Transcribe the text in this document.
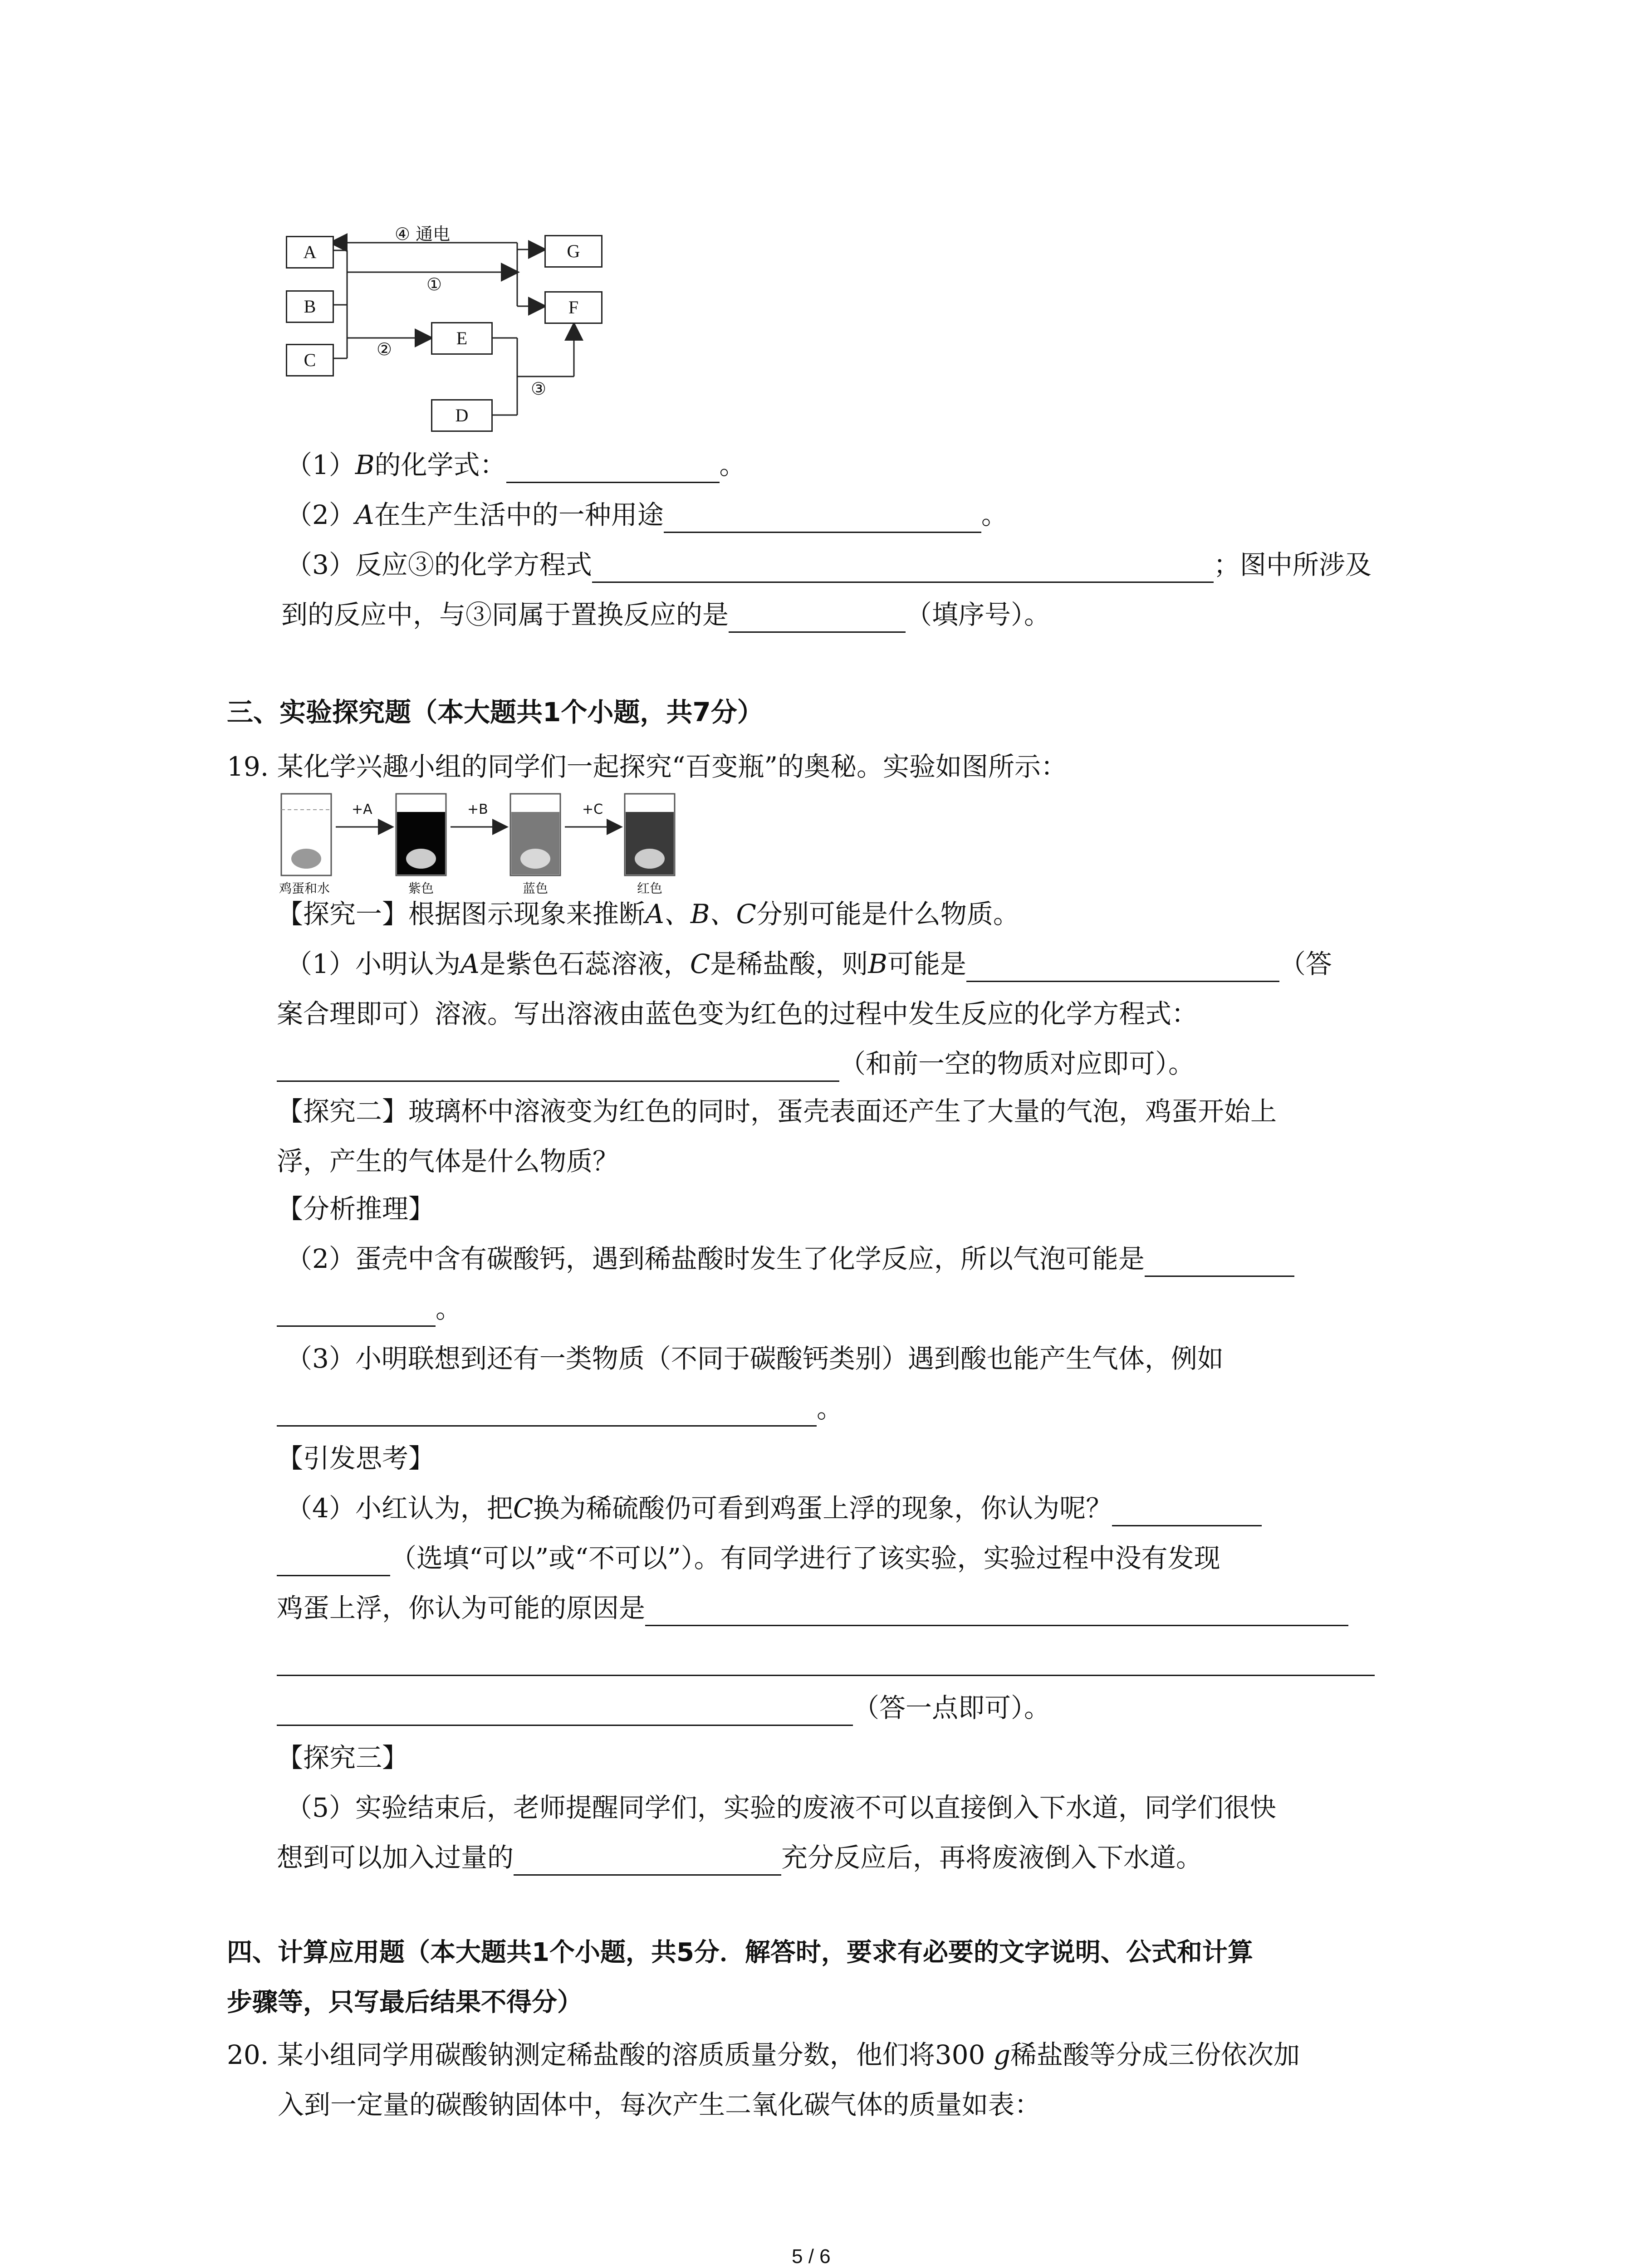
A
B
C
G
F
E
D
④ 通电
①
②
③
（1）B的化学式：	。
（2）A在生产生活中的一种用途	。
（3）反应③的化学方程式	；图中所涉及
到的反应中，与③同属于置换反应的是	（填序号）。
三、实验探究题（本大题共1个小题，共7分）
19. 某化学兴趣小组的同学们一起探究“百变瓶”的奥秘。实验如图所示：
+A	+B	+C
鸡蛋和水	紫色	蓝色	红色
【探究一】根据图示现象来推断A、B、C分别可能是什么物质。
（1）小明认为A是紫色石蕊溶液，C是稀盐酸，则B可能是	（答
案合理即可）溶液。写出溶液由蓝色变为红色的过程中发生反应的化学方程式：
（和前一空的物质对应即可）。
【探究二】玻璃杯中溶液变为红色的同时，蛋壳表面还产生了大量的气泡，鸡蛋开始上
浮，产生的气体是什么物质？
【分析推理】
（2）蛋壳中含有碳酸钙，遇到稀盐酸时发生了化学反应，所以气泡可能是
。
（3）小明联想到还有一类物质（不同于碳酸钙类别）遇到酸也能产生气体，例如
。
【引发思考】
（4）小红认为，把C换为稀硫酸仍可看到鸡蛋上浮的现象，你认为呢？
（选填“可以”或“不可以”）。有同学进行了该实验，实验过程中没有发现
鸡蛋上浮，你认为可能的原因是
（答一点即可）。
【探究三】
（5）实验结束后，老师提醒同学们，实验的废液不可以直接倒入下水道，同学们很快
想到可以加入过量的	充分反应后，再将废液倒入下水道。
四、计算应用题（本大题共1个小题，共5分．解答时，要求有必要的文字说明、公式和计算
步骤等，只写最后结果不得分）
20. 某小组同学用碳酸钠测定稀盐酸的溶质质量分数，他们将300 g稀盐酸等分成三份依次加
入到一定量的碳酸钠固体中，每次产生二氧化碳气体的质量如表：
5 / 6
